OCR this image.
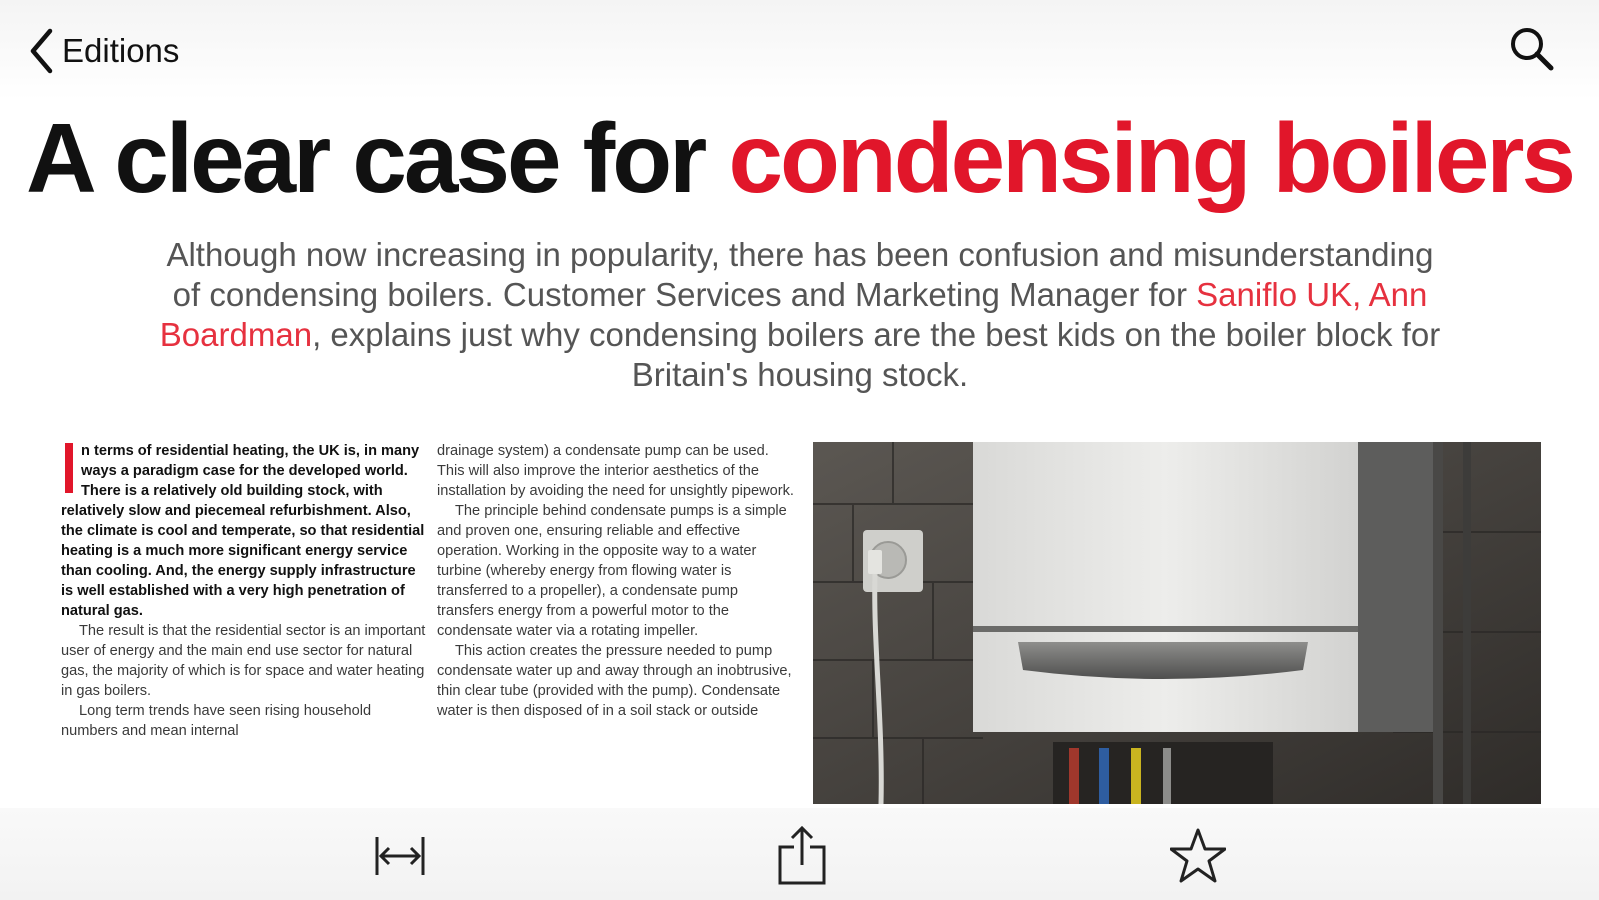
Editions
A clear case for condensing boilers
Although now increasing in popularity, there has been confusion and misunderstanding of condensing boilers. Customer Services and Marketing Manager for Saniflo UK, Ann Boardman, explains just why condensing boilers are the best kids on the boiler block for Britain's housing stock.

n terms of residential heating, the UK is, in many ways a paradigm case for the developed world. There is a relatively old building stock, with relatively slow and piecemeal refurbishment. Also, the climate is cool and temperate, so that residential heating is a much more significant energy service than cooling. And, the energy supply infrastructure is well established with a very high penetration of natural gas.

The result is that the residential sector is an important user of energy and the main end use sector for natural gas, the majority of which is for space and water heating in gas boilers.

Long term trends have seen rising household numbers and mean internal

drainage system) a condensate pump can be used. This will also improve the interior aesthetics of the installation by avoiding the need for unsightly pipework.

The principle behind condensate pumps is a simple and proven one, ensuring reliable and effective operation. Working in the opposite way to a water turbine (whereby energy from flowing water is transferred to a propeller), a condensate pump transfers energy from a powerful motor to the condensate water via a rotating impeller.

This action creates the pressure needed to pump condensate water up and away through an inobtrusive, thin clear tube (provided with the pump). Condensate water is then disposed of in a soil stack or outside
